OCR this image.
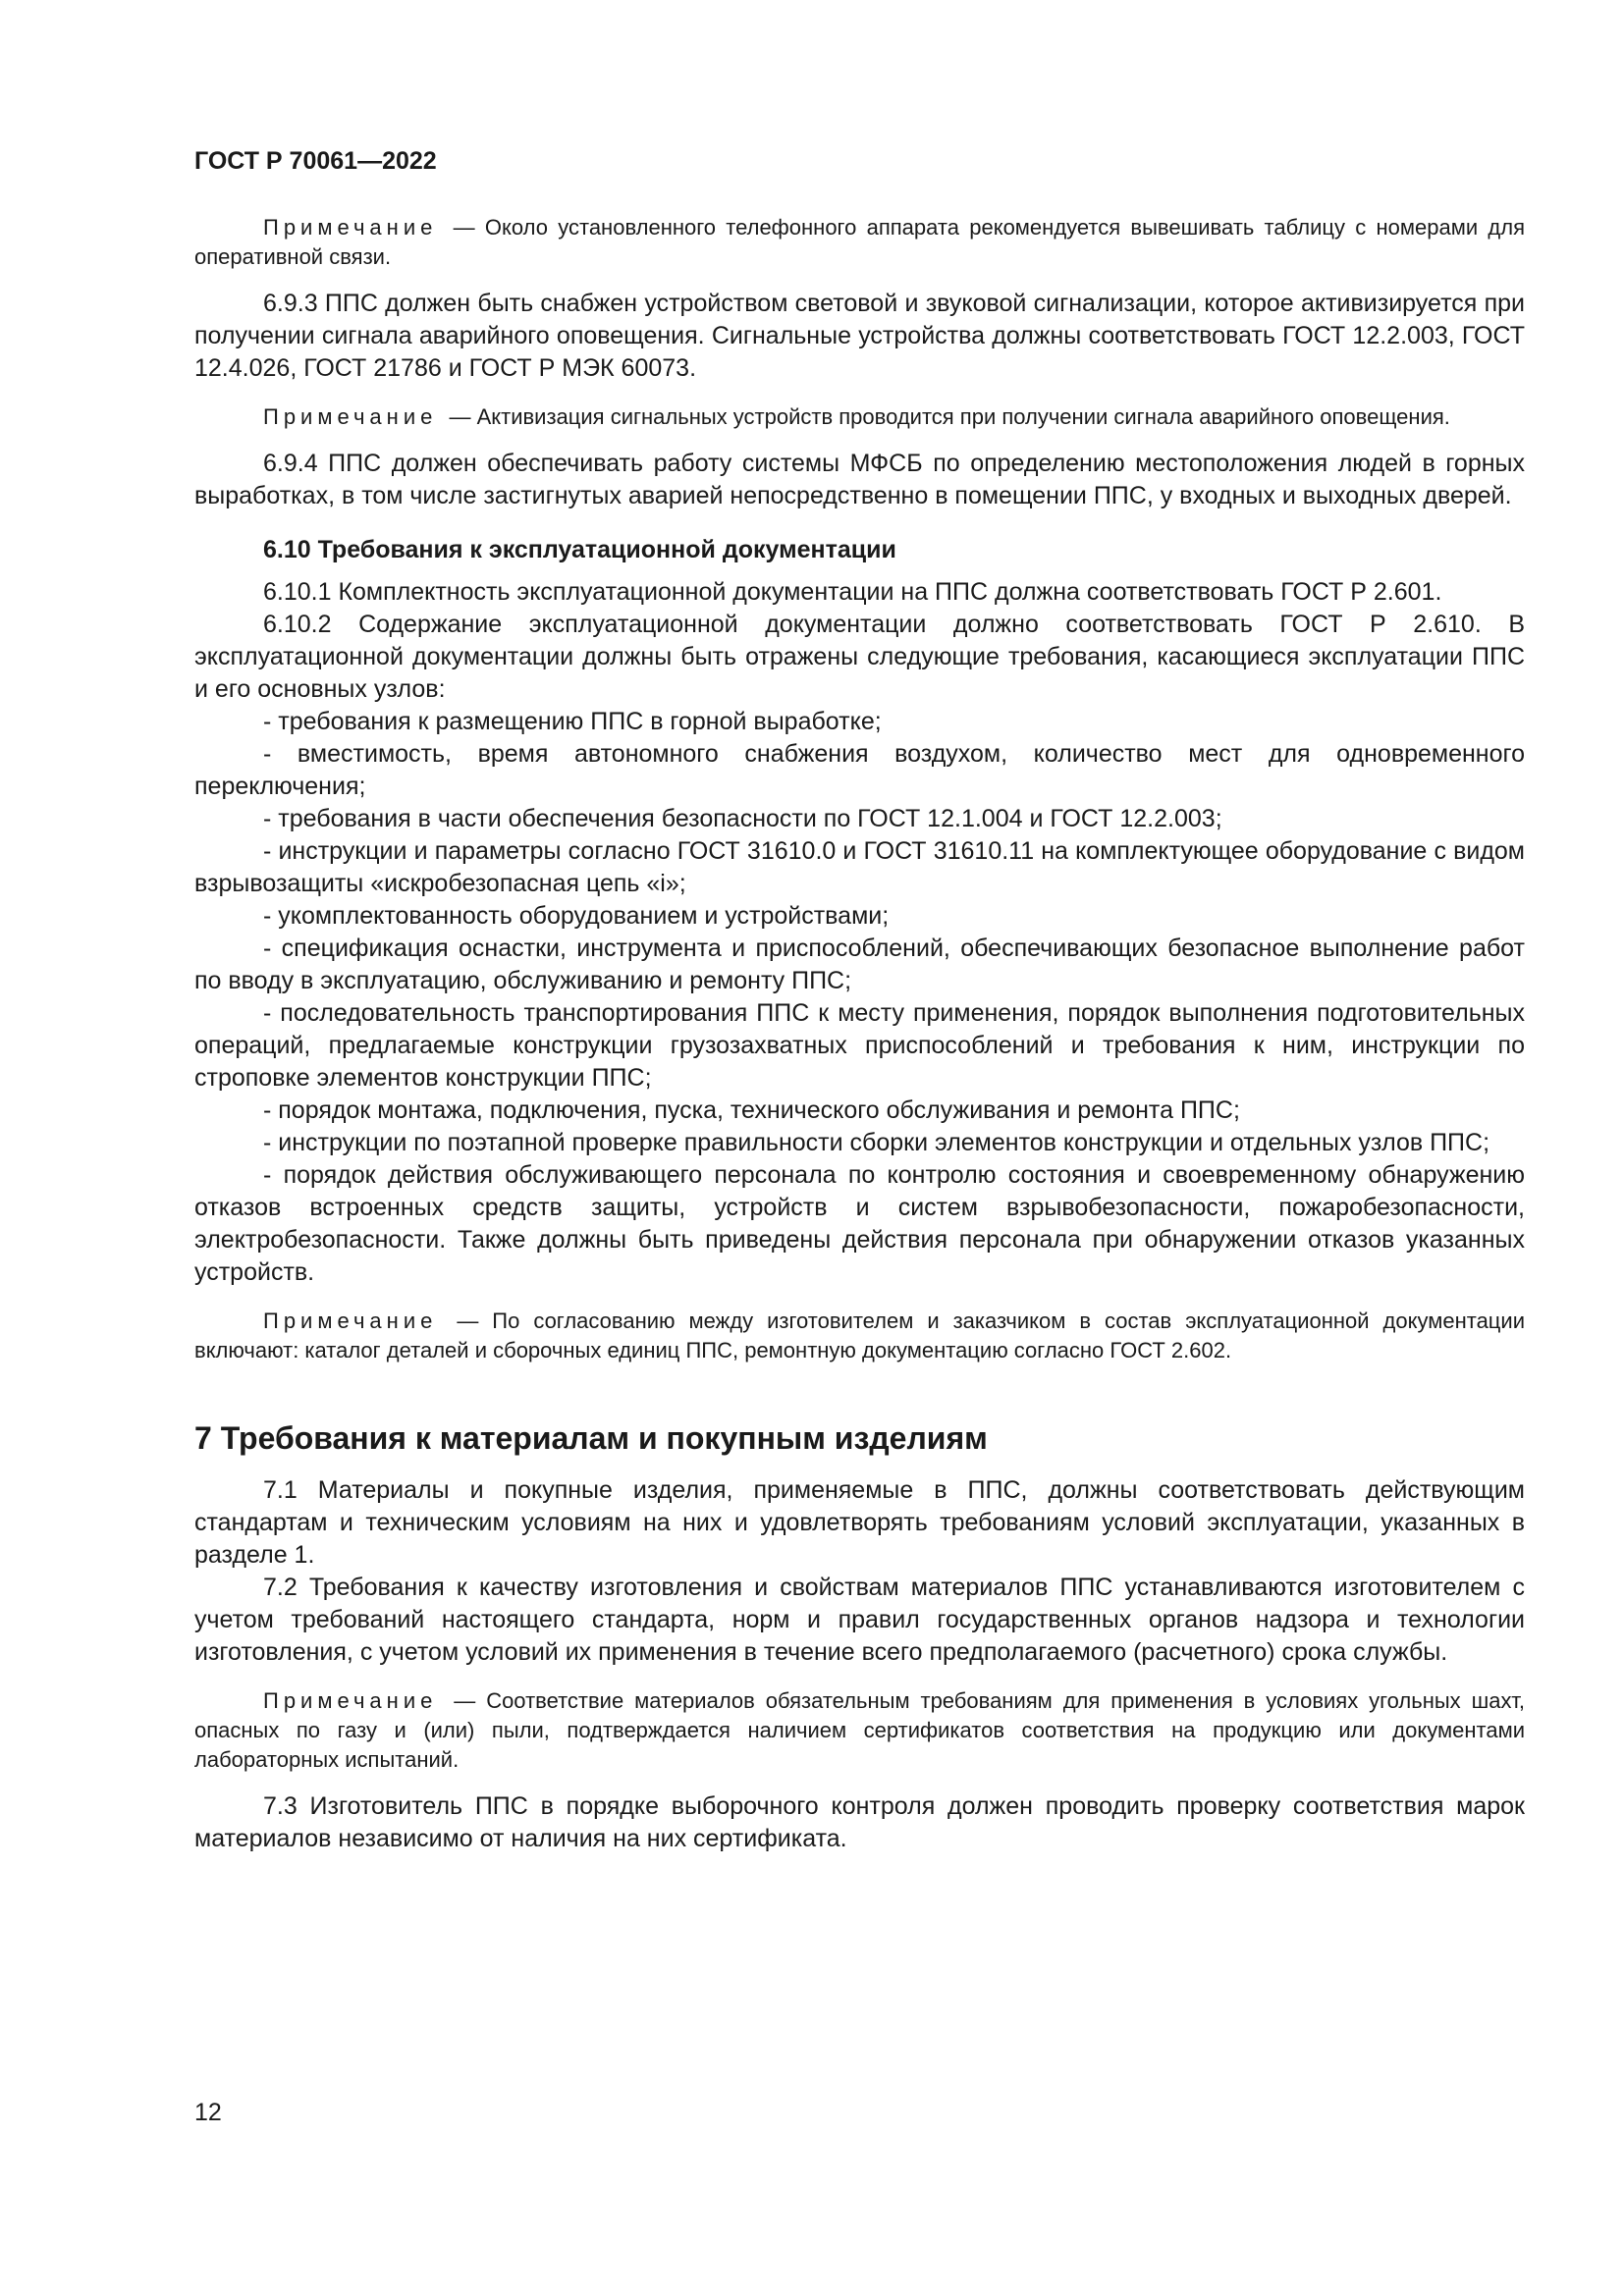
ГОСТ Р 70061—2022

Примечание — Около установленного телефонного аппарата рекомендуется вывешивать таблицу с номерами для оперативной связи.

6.9.3 ППС должен быть снабжен устройством световой и звуковой сигнализации, которое активизируется при получении сигнала аварийного оповещения. Сигнальные устройства должны соответствовать ГОСТ 12.2.003, ГОСТ 12.4.026, ГОСТ 21786 и ГОСТ Р МЭК 60073.

Примечание — Активизация сигнальных устройств проводится при получении сигнала аварийного оповещения.

6.9.4 ППС должен обеспечивать работу системы МФСБ по определению местоположения людей в горных выработках, в том числе застигнутых аварией непосредственно в помещении ППС, у входных и выходных дверей.

6.10 Требования к эксплуатационной документации

6.10.1 Комплектность эксплуатационной документации на ППС должна соответствовать ГОСТ Р 2.601.

6.10.2 Содержание эксплуатационной документации должно соответствовать ГОСТ Р 2.610. В эксплуатационной документации должны быть отражены следующие требования, касающиеся эксплуатации ППС и его основных узлов:

- требования к размещению ППС в горной выработке;

- вместимость, время автономного снабжения воздухом, количество мест для одновременного переключения;

- требования в части обеспечения безопасности по ГОСТ 12.1.004 и ГОСТ 12.2.003;

- инструкции и параметры согласно ГОСТ 31610.0 и ГОСТ 31610.11 на комплектующее оборудование с видом взрывозащиты «искробезопасная цепь «i»;

- укомплектованность оборудованием и устройствами;

- спецификация оснастки, инструмента и приспособлений, обеспечивающих безопасное выполнение работ по вводу в эксплуатацию, обслуживанию и ремонту ППС;

- последовательность транспортирования ППС к месту применения, порядок выполнения подготовительных операций, предлагаемые конструкции грузозахватных приспособлений и требования к ним, инструкции по строповке элементов конструкции ППС;

- порядок монтажа, подключения, пуска, технического обслуживания и ремонта ППС;

- инструкции по поэтапной проверке правильности сборки элементов конструкции и отдельных узлов ППС;

- порядок действия обслуживающего персонала по контролю состояния и своевременному обнаружению отказов встроенных средств защиты, устройств и систем взрывобезопасности, пожаробезопасности, электробезопасности. Также должны быть приведены действия персонала при обнаружении отказов указанных устройств.

Примечание — По согласованию между изготовителем и заказчиком в состав эксплуатационной документации включают: каталог деталей и сборочных единиц ППС, ремонтную документацию согласно ГОСТ 2.602.

7 Требования к материалам и покупным изделиям

7.1 Материалы и покупные изделия, применяемые в ППС, должны соответствовать действующим стандартам и техническим условиям на них и удовлетворять требованиям условий эксплуатации, указанных в разделе 1.

7.2 Требования к качеству изготовления и свойствам материалов ППС устанавливаются изготовителем с учетом требований настоящего стандарта, норм и правил государственных органов надзора и технологии изготовления, с учетом условий их применения в течение всего предполагаемого (расчетного) срока службы.

Примечание — Соответствие материалов обязательным требованиям для применения в условиях угольных шахт, опасных по газу и (или) пыли, подтверждается наличием сертификатов соответствия на продукцию или документами лабораторных испытаний.

7.3 Изготовитель ППС в порядке выборочного контроля должен проводить проверку соответствия марок материалов независимо от наличия на них сертификата.

12
